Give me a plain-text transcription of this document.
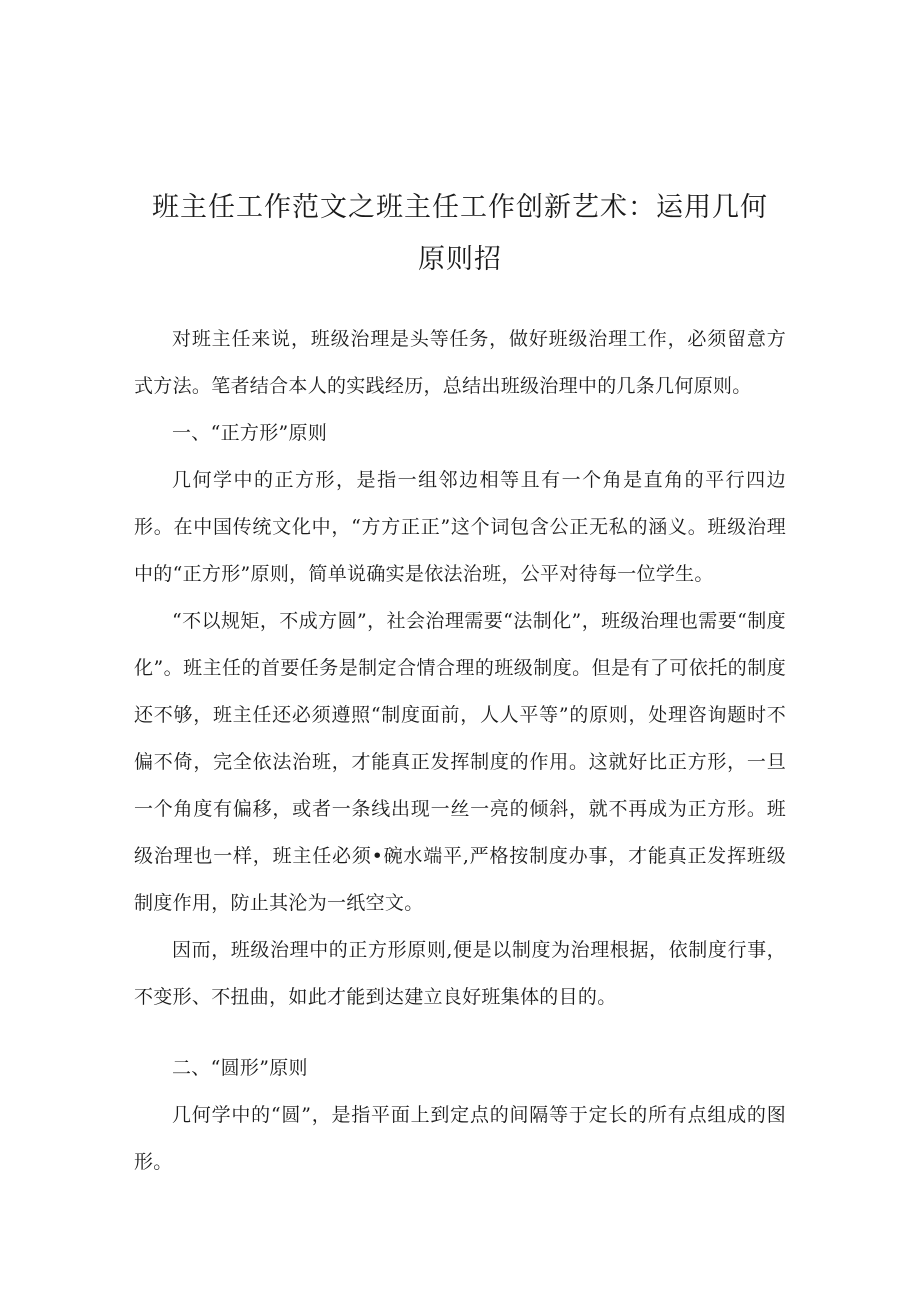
班主任工作范文之班主任工作创新艺术：运用几何原则招

对班主任来说，班级治理是头等任务，做好班级治理工作，必须留意方式方法。笔者结合本人的实践经历，总结出班级治理中的几条几何原则。

一、“正方形”原则

几何学中的正方形，是指一组邻边相等且有一个角是直角的平行四边形。在中国传统文化中，“方方正正”这个词包含公正无私的涵义。班级治理中的“正方形”原则，简单说确实是依法治班，公平对待每一位学生。

“不以规矩，不成方圆”，社会治理需要“法制化”，班级治理也需要“制度化”。班主任的首要任务是制定合情合理的班级制度。但是有了可依托的制度还不够，班主任还必须遵照“制度面前，人人平等”的原则，处理咨询题时不偏不倚，完全依法治班，才能真正发挥制度的作用。这就好比正方形，一旦一个角度有偏移，或者一条线出现一丝一亮的倾斜，就不再成为正方形。班级治理也一样，班主任必须•碗水端平,严格按制度办事，才能真正发挥班级制度作用，防止其沦为一纸空文。

因而，班级治理中的正方形原则,便是以制度为治理根据，依制度行事，不变形、不扭曲，如此才能到达建立良好班集体的目的。

二、“圆形”原则

几何学中的“圆”，是指平面上到定点的间隔等于定长的所有点组成的图形。
